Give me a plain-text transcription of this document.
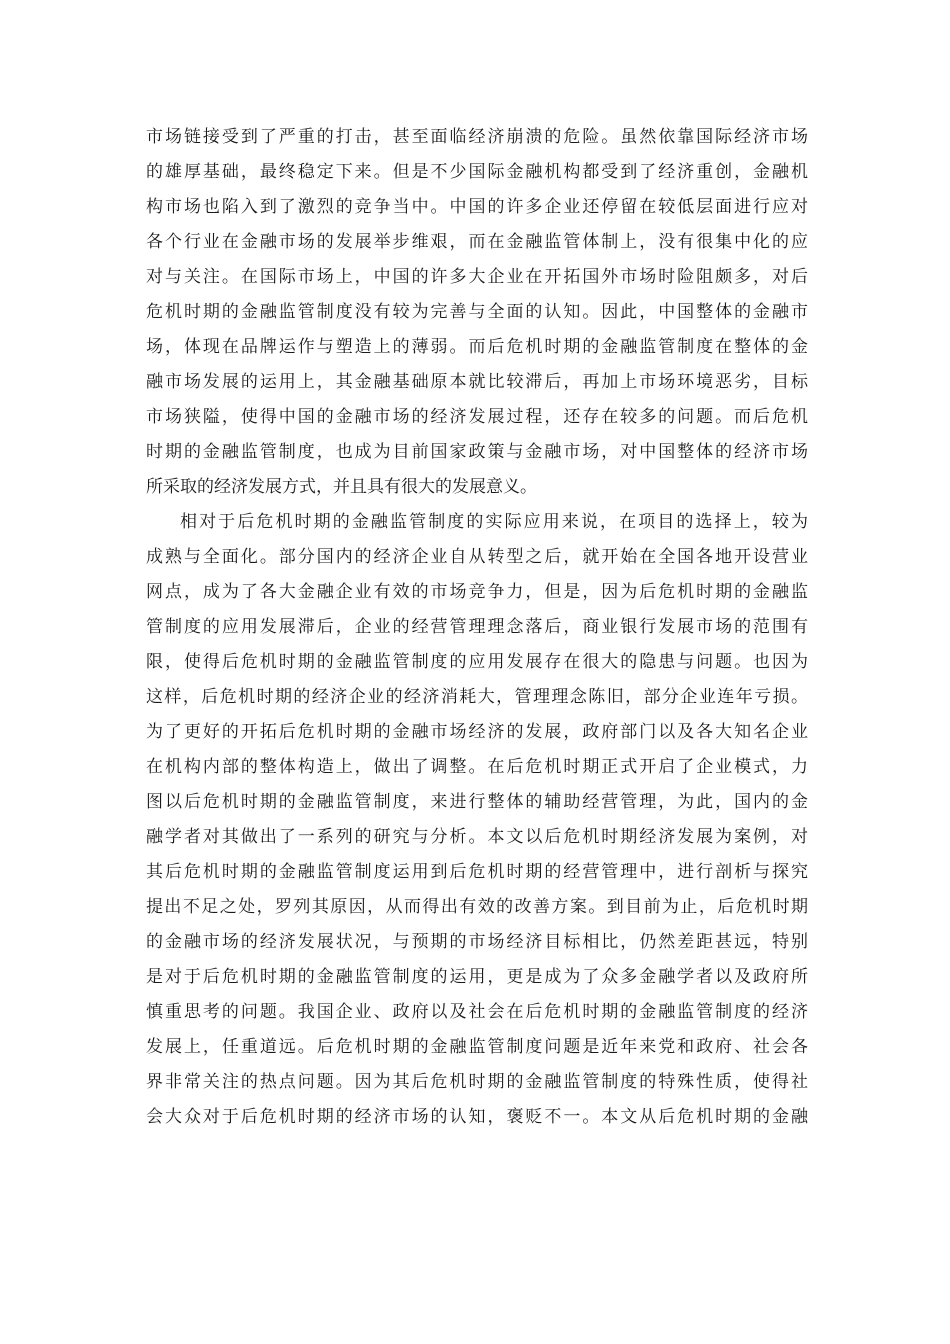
市场链接受到了严重的打击，甚至面临经济崩溃的危险。虽然依靠国际经济市场
的雄厚基础，最终稳定下来。但是不少国际金融机构都受到了经济重创，金融机
构市场也陷入到了激烈的竞争当中。中国的许多企业还停留在较低层面进行应对
各个行业在金融市场的发展举步维艰，而在金融监管体制上，没有很集中化的应
对与关注。在国际市场上，中国的许多大企业在开拓国外市场时险阻颇多，对后
危机时期的金融监管制度没有较为完善与全面的认知。因此，中国整体的金融市
场，体现在品牌运作与塑造上的薄弱。而后危机时期的金融监管制度在整体的金
融市场发展的运用上，其金融基础原本就比较滞后，再加上市场环境恶劣，目标
市场狭隘，使得中国的金融市场的经济发展过程，还存在较多的问题。而后危机
时期的金融监管制度，也成为目前国家政策与金融市场，对中国整体的经济市场
所采取的经济发展方式，并且具有很大的发展意义。
相对于后危机时期的金融监管制度的实际应用来说，在项目的选择上，较为
成熟与全面化。部分国内的经济企业自从转型之后，就开始在全国各地开设营业
网点，成为了各大金融企业有效的市场竞争力，但是，因为后危机时期的金融监
管制度的应用发展滞后，企业的经营管理理念落后，商业银行发展市场的范围有
限，使得后危机时期的金融监管制度的应用发展存在很大的隐患与问题。也因为
这样，后危机时期的经济企业的经济消耗大，管理理念陈旧，部分企业连年亏损。
为了更好的开拓后危机时期的金融市场经济的发展，政府部门以及各大知名企业
在机构内部的整体构造上，做出了调整。在后危机时期正式开启了企业模式，力
图以后危机时期的金融监管制度，来进行整体的辅助经营管理，为此，国内的金
融学者对其做出了一系列的研究与分析。本文以后危机时期经济发展为案例，对
其后危机时期的金融监管制度运用到后危机时期的经营管理中，进行剖析与探究
提出不足之处，罗列其原因，从而得出有效的改善方案。到目前为止，后危机时期
的金融市场的经济发展状况，与预期的市场经济目标相比，仍然差距甚远，特别
是对于后危机时期的金融监管制度的运用，更是成为了众多金融学者以及政府所
慎重思考的问题。我国企业、政府以及社会在后危机时期的金融监管制度的经济
发展上，任重道远。后危机时期的金融监管制度问题是近年来党和政府、社会各
界非常关注的热点问题。因为其后危机时期的金融监管制度的特殊性质，使得社
会大众对于后危机时期的经济市场的认知，褒贬不一。本文从后危机时期的金融
